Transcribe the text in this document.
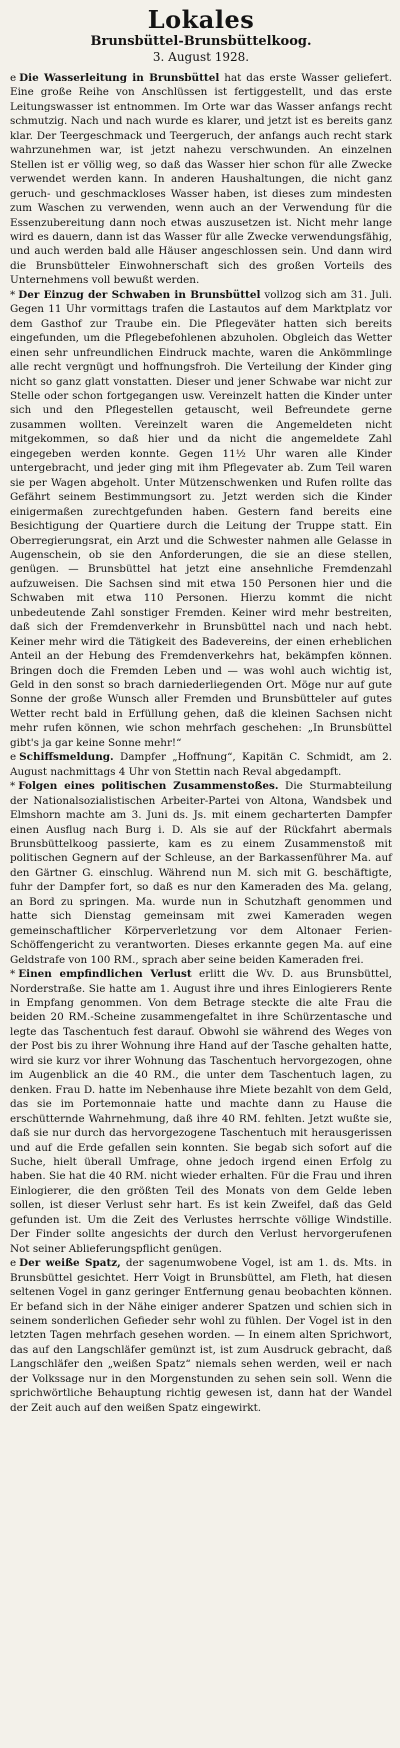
Lokales
Brunsbüttel-Brunsbüttelkoog.
3. August 1928.

e Die Wasserleitung in Brunsbüttel hat das erste Wasser geliefert. Eine große Reihe von Anschlüssen ist fertiggestellt, und das erste Leitungswasser ist entnommen. Im Orte war das Wasser anfangs recht schmutzig. Nach und nach wurde es klarer, und jetzt ist es bereits ganz klar. Der Teergeschmack und Teergeruch, der anfangs auch recht stark wahrzunehmen war, ist jetzt nahezu verschwunden. An einzelnen Stellen ist er völlig weg, so daß das Wasser hier schon für alle Zwecke verwendet werden kann. In anderen Haushaltungen, die nicht ganz geruch- und geschmackloses Wasser haben, ist dieses zum mindesten zum Waschen zu verwenden, wenn auch an der Verwendung für die Essenzubereitung dann noch etwas auszusetzen ist. Nicht mehr lange wird es dauern, dann ist das Wasser für alle Zwecke verwendungsfähig, und auch werden bald alle Häuser angeschlossen sein. Und dann wird die Brunsbütteler Einwohnerschaft sich des großen Vorteils des Unternehmens voll bewußt werden.

* Der Einzug der Schwaben in Brunsbüttel vollzog sich am 31. Juli. Gegen 11 Uhr vormittags trafen die Lastautos auf dem Marktplatz vor dem Gasthof zur Traube ein. Die Pflegeväter hatten sich bereits eingefunden, um die Pflegebefohlenen abzuholen. Obgleich das Wetter einen sehr unfreundlichen Eindruck machte, waren die Ankömmlinge alle recht vergnügt und hoffnungsfroh. Die Verteilung der Kinder ging nicht so ganz glatt vonstatten. Dieser und jener Schwabe war nicht zur Stelle oder schon fortgegangen usw. Vereinzelt hatten die Kinder unter sich und den Pflegestellen getauscht, weil Befreundete gerne zusammen wollten. Vereinzelt waren die Angemeldeten nicht mitgekommen, so daß hier und da nicht die angemeldete Zahl eingegeben werden konnte. Gegen 11½ Uhr waren alle Kinder untergebracht, und jeder ging mit ihm Pflegevater ab. Zum Teil waren sie per Wagen abgeholt. Unter Mützenschwenken und Rufen rollte das Gefährt seinem Bestimmungsort zu. Jetzt werden sich die Kinder einigermaßen zurechtgefunden haben. Gestern fand bereits eine Besichtigung der Quartiere durch die Leitung der Truppe statt. Ein Oberregierungsrat, ein Arzt und die Schwester nahmen alle Gelasse in Augenschein, ob sie den Anforderungen, die sie an diese stellen, genügen. — Brunsbüttel hat jetzt eine ansehnliche Fremdenzahl aufzuweisen. Die Sachsen sind mit etwa 150 Personen hier und die Schwaben mit etwa 110 Personen. Hierzu kommt die nicht unbedeutende Zahl sonstiger Fremden. Keiner wird mehr bestreiten, daß sich der Fremdenverkehr in Brunsbüttel nach und nach hebt. Keiner mehr wird die Tätigkeit des Badevereins, der einen erheblichen Anteil an der Hebung des Fremdenverkehrs hat, bekämpfen können. Bringen doch die Fremden Leben und — was wohl auch wichtig ist, Geld in den sonst so brach darniederliegenden Ort. Möge nur auf gute Sonne der große Wunsch aller Fremden und Brunsbütteler auf gutes Wetter recht bald in Erfüllung gehen, daß die kleinen Sachsen nicht mehr rufen können, wie schon mehrfach geschehen: „In Brunsbüttel gibt's ja gar keine Sonne mehr!“

e Schiffsmeldung. Dampfer „Hoffnung“, Kapitän C. Schmidt, am 2. August nachmittags 4 Uhr von Stettin nach Reval abgedampft.

* Folgen eines politischen Zusammenstoßes. Die Sturmabteilung der Nationalsozialistischen Arbeiter-Partei von Altona, Wandsbek und Elmshorn machte am 3. Juni ds. Js. mit einem gecharterten Dampfer einen Ausflug nach Burg i. D. Als sie auf der Rückfahrt abermals Brunsbüttelkoog passierte, kam es zu einem Zusammenstoß mit politischen Gegnern auf der Schleuse, an der Barkassenführer Ma. auf den Gärtner G. einschlug. Während nun M. sich mit G. beschäftigte, fuhr der Dampfer fort, so daß es nur den Kameraden des Ma. gelang, an Bord zu springen. Ma. wurde nun in Schutzhaft genommen und hatte sich Dienstag gemeinsam mit zwei Kameraden wegen gemeinschaftlicher Körperverletzung vor dem Altonaer Ferien-Schöffengericht zu verantworten. Dieses erkannte gegen Ma. auf eine Geldstrafe von 100 RM., sprach aber seine beiden Kameraden frei.

* Einen empfindlichen Verlust erlitt die Wv. D. aus Brunsbüttel, Norderstraße. Sie hatte am 1. August ihre und ihres Einlogierers Rente in Empfang genommen. Von dem Betrage steckte die alte Frau die beiden 20 RM.-Scheine zusammengefaltet in ihre Schürzentasche und legte das Taschentuch fest darauf. Obwohl sie während des Weges von der Post bis zu ihrer Wohnung ihre Hand auf der Tasche gehalten hatte, wird sie kurz vor ihrer Wohnung das Taschentuch hervorgezogen, ohne im Augenblick an die 40 RM., die unter dem Taschentuch lagen, zu denken. Frau D. hatte im Nebenhause ihre Miete bezahlt von dem Geld, das sie im Portemonnaie hatte und machte dann zu Hause die erschütternde Wahrnehmung, daß ihre 40 RM. fehlten. Jetzt wußte sie, daß sie nur durch das hervorgezogene Taschentuch mit herausgerissen und auf die Erde gefallen sein konnten. Sie begab sich sofort auf die Suche, hielt überall Umfrage, ohne jedoch irgend einen Erfolg zu haben. Sie hat die 40 RM. nicht wieder erhalten. Für die Frau und ihren Einlogierer, die den größten Teil des Monats von dem Gelde leben sollen, ist dieser Verlust sehr hart. Es ist kein Zweifel, daß das Geld gefunden ist. Um die Zeit des Verlustes herrschte völlige Windstille. Der Finder sollte angesichts der durch den Verlust hervorgerufenen Not seiner Ablieferungspflicht genügen.

e Der weiße Spatz, der sagenumwobene Vogel, ist am 1. ds. Mts. in Brunsbüttel gesichtet. Herr Voigt in Brunsbüttel, am Fleth, hat diesen seltenen Vogel in ganz geringer Entfernung genau beobachten können. Er befand sich in der Nähe einiger anderer Spatzen und schien sich in seinem sonderlichen Gefieder sehr wohl zu fühlen. Der Vogel ist in den letzten Tagen mehrfach gesehen worden. — In einem alten Sprichwort, das auf den Langschläfer gemünzt ist, ist zum Ausdruck gebracht, daß Langschläfer den „weißen Spatz“ niemals sehen werden, weil er nach der Volkssage nur in den Morgenstunden zu sehen sein soll. Wenn die sprichwörtliche Behauptung richtig gewesen ist, dann hat der Wandel der Zeit auch auf den weißen Spatz eingewirkt.
